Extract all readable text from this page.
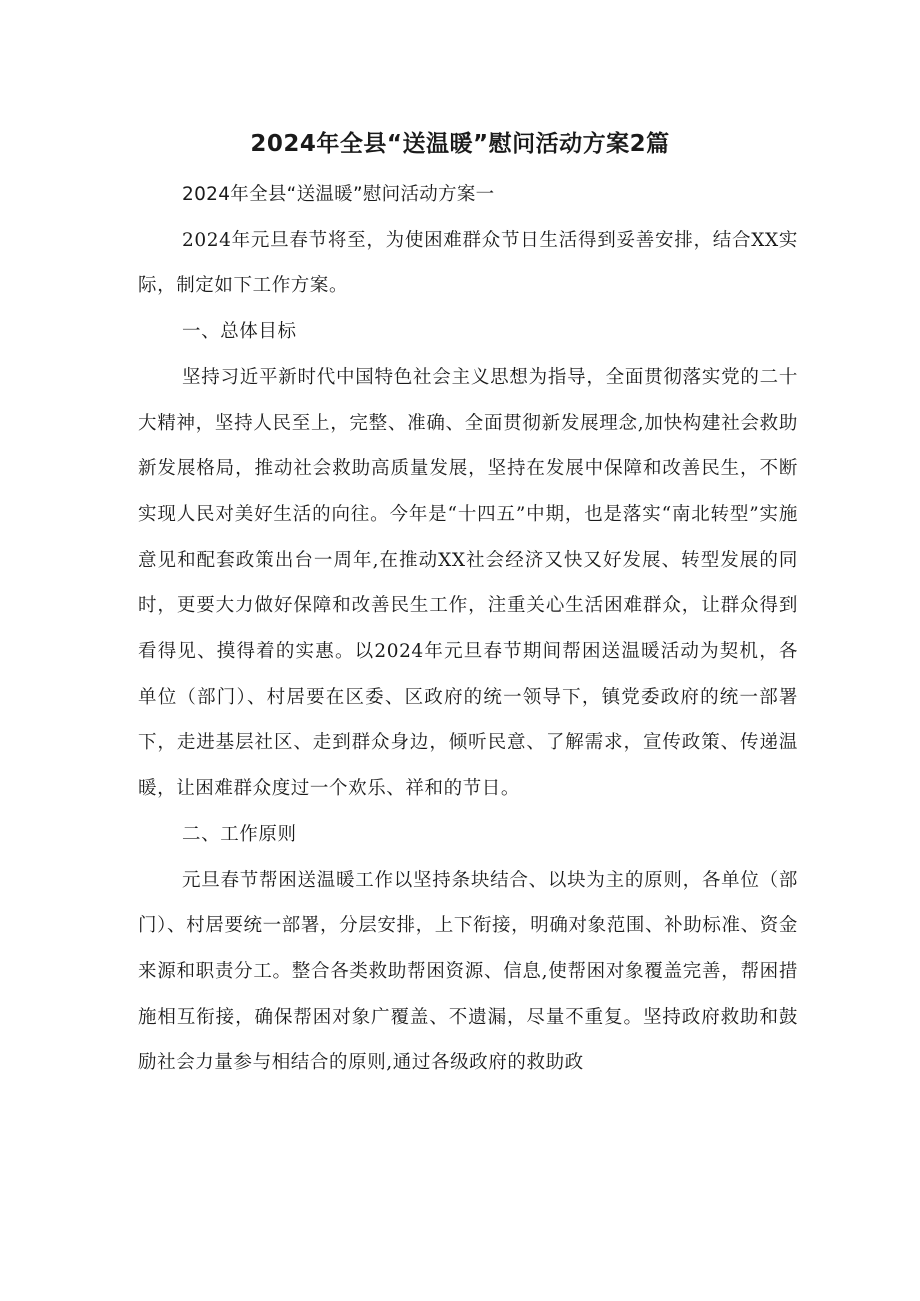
2024年全县“送温暖”慰问活动方案2篇

2024年全县“送温暖”慰问活动方案一

2024年元旦春节将至，为使困难群众节日生活得到妥善安排，结合XX实际，制定如下工作方案。

一、总体目标

坚持习近平新时代中国特色社会主义思想为指导，全面贯彻落实党的二十大精神，坚持人民至上，完整、准确、全面贯彻新发展理念,加快构建社会救助新发展格局，推动社会救助高质量发展，坚持在发展中保障和改善民生，不断实现人民对美好生活的向往。今年是“十四五”中期，也是落实“南北转型”实施意见和配套政策出台一周年,在推动XX社会经济又快又好发展、转型发展的同时，更要大力做好保障和改善民生工作，注重关心生活困难群众，让群众得到看得见、摸得着的实惠。以2024年元旦春节期间帮困送温暖活动为契机，各单位（部门）、村居要在区委、区政府的统一领导下，镇党委政府的统一部署下，走进基层社区、走到群众身边，倾听民意、了解需求，宣传政策、传递温暖，让困难群众度过一个欢乐、祥和的节日。

二、工作原则

元旦春节帮困送温暖工作以坚持条块结合、以块为主的原则，各单位（部门）、村居要统一部署，分层安排，上下衔接，明确对象范围、补助标准、资金来源和职责分工。整合各类救助帮困资源、信息,使帮困对象覆盖完善，帮困措施相互衔接，确保帮困对象广覆盖、不遗漏，尽量不重复。坚持政府救助和鼓励社会力量参与相结合的原则,通过各级政府的救助政
